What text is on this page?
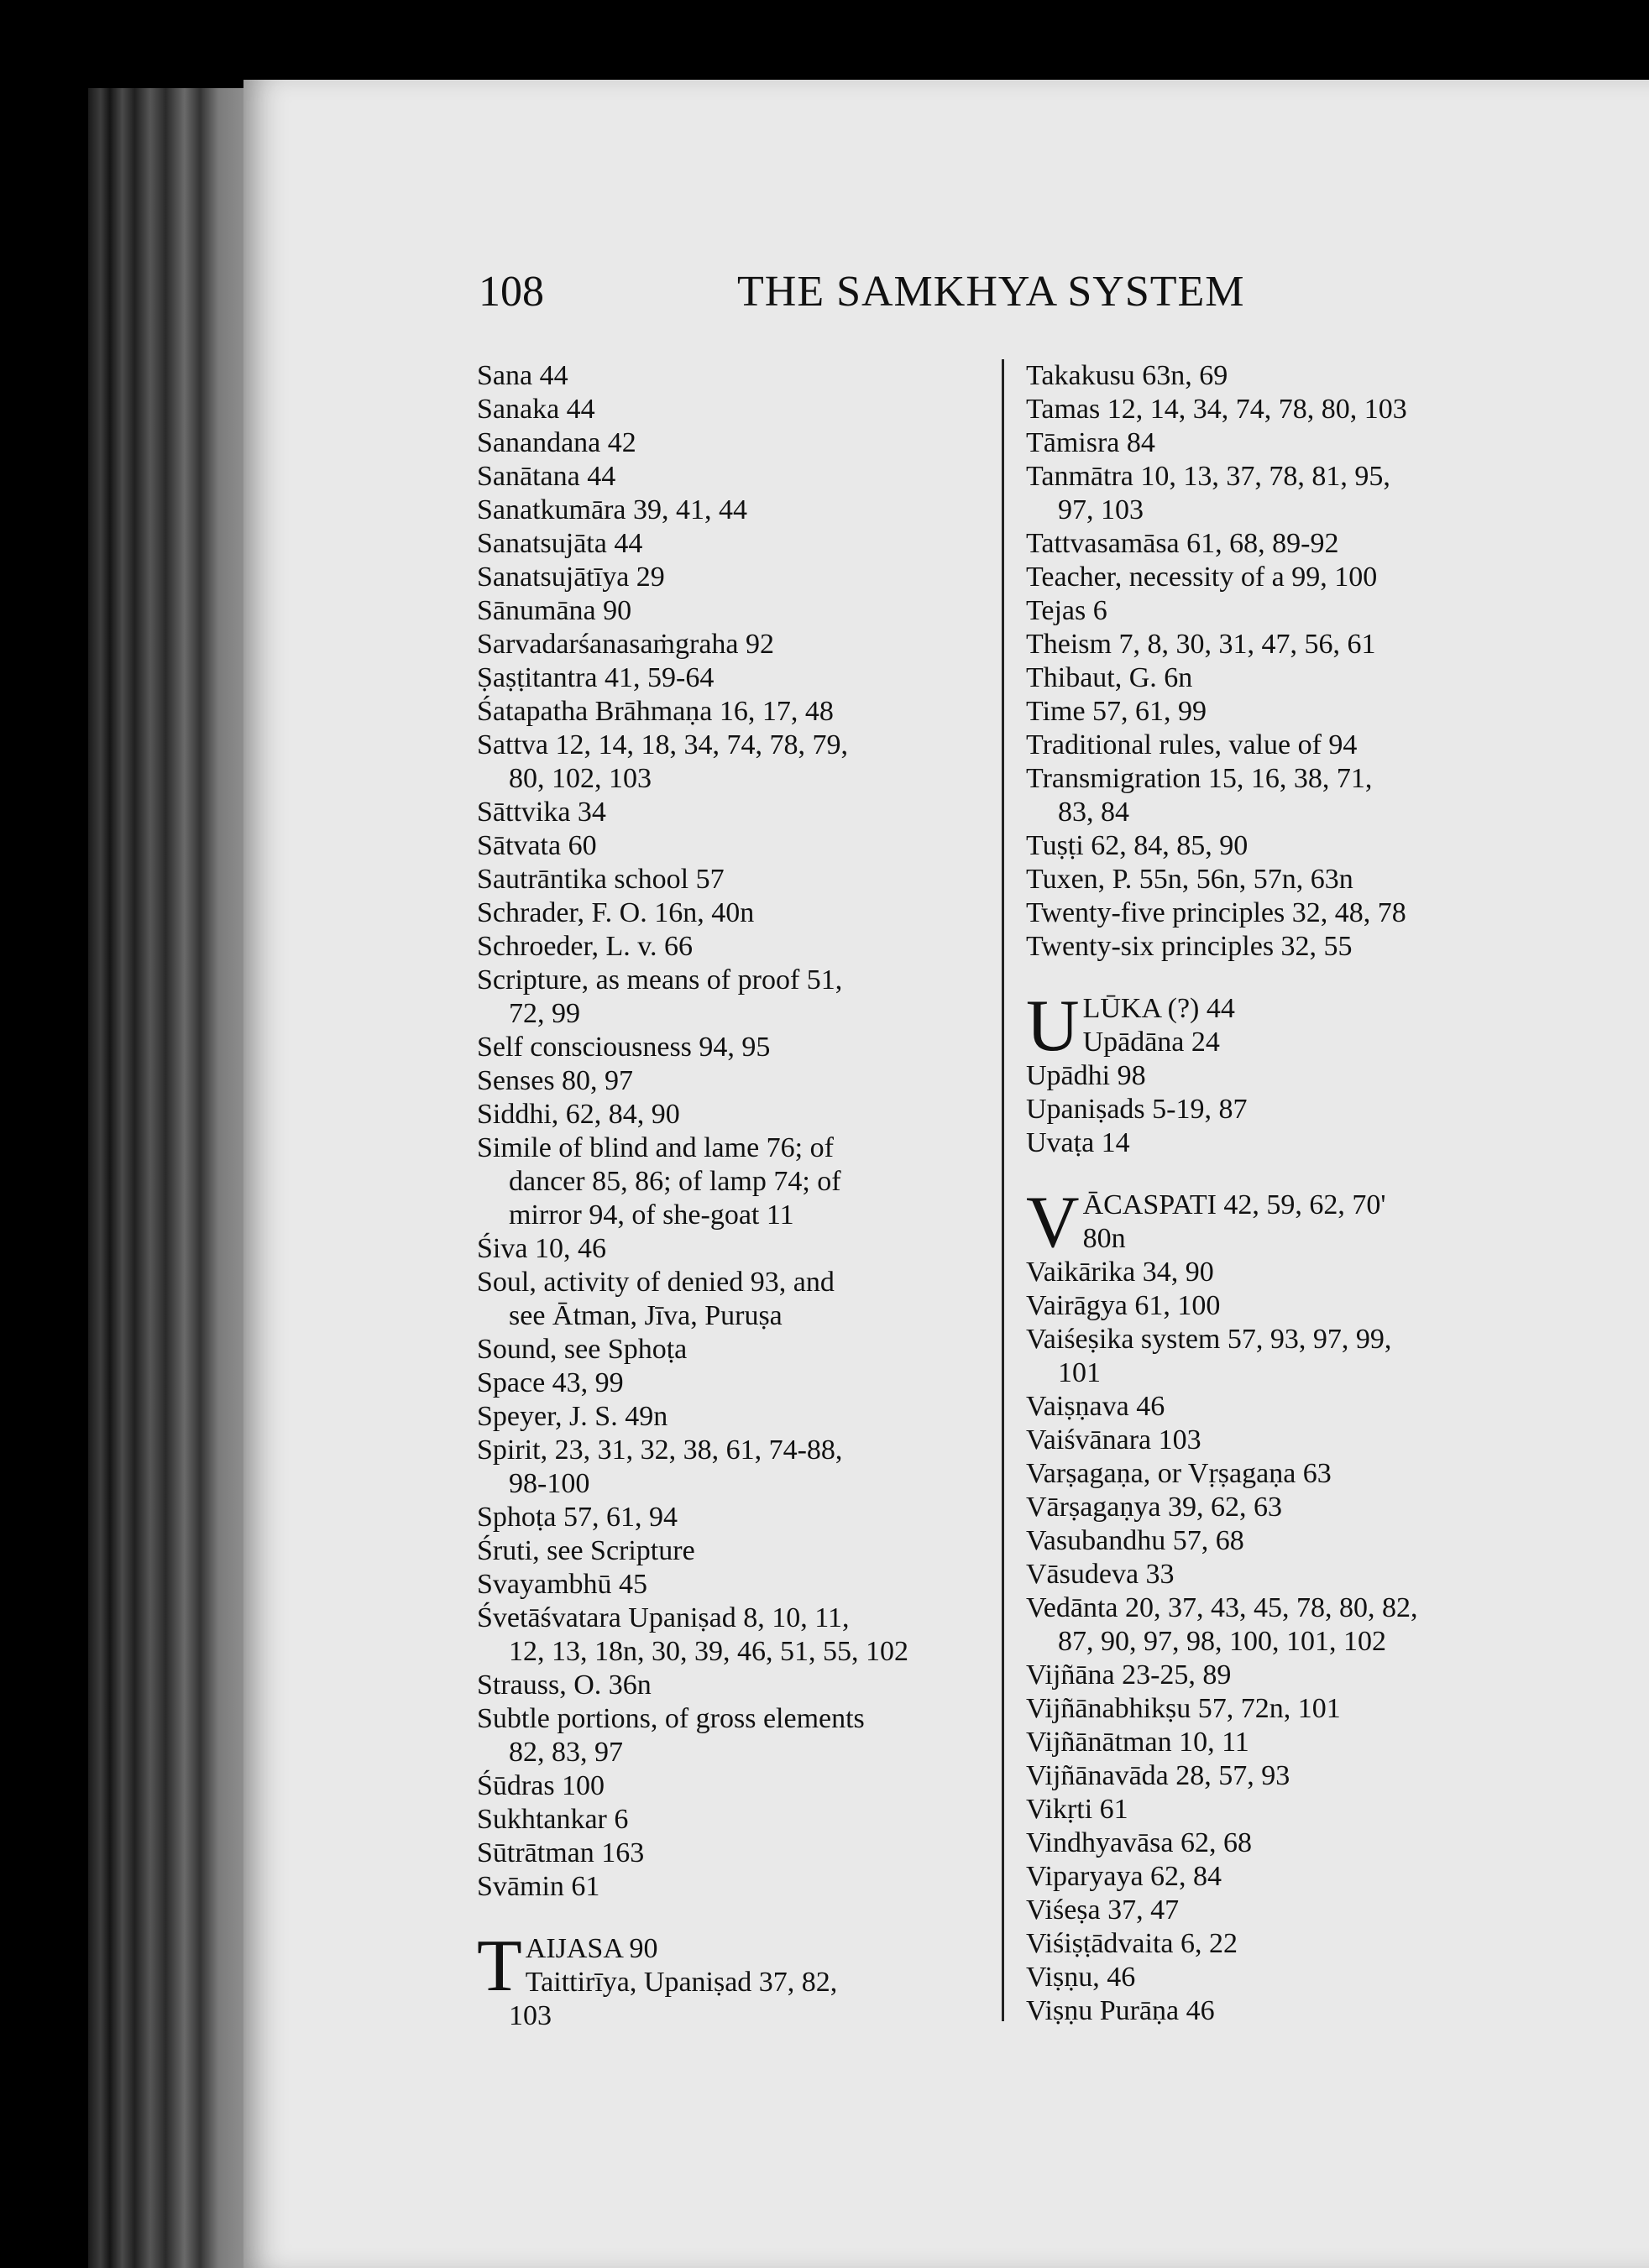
108	THE SAMKHYA SYSTEM
Sana 44
Sanaka 44
Sanandana 42
Sanātana 44
Sanatkumāra 39, 41, 44
Sanatsujāta 44
Sanatsujātīya 29
Sānumāna 90
Sarvadarśanasaṁgraha 92
Ṣaṣṭitantra 41, 59-64
Śatapatha Brāhmaṇa 16, 17, 48
Sattva 12, 14, 18, 34, 74, 78, 79,
80, 102, 103
Sāttvika 34
Sātvata 60
Sautrāntika school 57
Schrader, F. O. 16n, 40n
Schroeder, L. v. 66
Scripture, as means of proof 51,
72, 99
Self consciousness 94, 95
Senses 80, 97
Siddhi, 62, 84, 90
Simile of blind and lame 76; of
dancer 85, 86; of lamp 74; of
mirror 94, of she-goat 11
Śiva 10, 46
Soul, activity of denied 93, and
see Ātman, Jīva, Puruṣa
Sound, see Sphoṭa
Space 43, 99
Speyer, J. S. 49n
Spirit, 23, 31, 32, 38, 61, 74-88,
98-100
Sphoṭa 57, 61, 94
Śruti, see Scripture
Svayambhū 45
Śvetāśvatara Upaniṣad 8, 10, 11,
12, 13, 18n, 30, 39, 46, 51, 55, 102
Strauss, O. 36n
Subtle portions, of gross elements
82, 83, 97
Śūdras 100
Sukhtankar 6
Sūtrātman 163
Svāmin 61
T AIJASA 90
Taittirīya, Upaniṣad 37, 82,
103
Takakusu 63n, 69
Tamas 12, 14, 34, 74, 78, 80, 103
Tāmisra 84
Tanmātra 10, 13, 37, 78, 81, 95,
97, 103
Tattvasamāsa 61, 68, 89-92
Teacher, necessity of a 99, 100
Tejas 6
Theism 7, 8, 30, 31, 47, 56, 61
Thibaut, G. 6n
Time 57, 61, 99
Traditional rules, value of 94
Transmigration 15, 16, 38, 71,
83, 84
Tuṣṭi 62, 84, 85, 90
Tuxen, P. 55n, 56n, 57n, 63n
Twenty-five principles 32, 48, 78
Twenty-six principles 32, 55
U LŪKA (?) 44
Upādāna 24
Upādhi 98
Upaniṣads 5-19, 87
Uvaṭa 14
V ĀCASPATI 42, 59, 62, 70'
80n
Vaikārika 34, 90
Vairāgya 61, 100
Vaiśeṣika system 57, 93, 97, 99,
101
Vaiṣṇava 46
Vaiśvānara 103
Varṣagaṇa, or Vṛṣagaṇa 63
Vārṣagaṇya 39, 62, 63
Vasubandhu 57, 68
Vāsudeva 33
Vedānta 20, 37, 43, 45, 78, 80, 82,
87, 90, 97, 98, 100, 101, 102
Vijñāna 23-25, 89
Vijñānabhikṣu 57, 72n, 101
Vijñānātman 10, 11
Vijñānavāda 28, 57, 93
Vikṛti 61
Vindhyavāsa 62, 68
Viparyaya 62, 84
Viśeṣa 37, 47
Viśiṣṭādvaita 6, 22
Viṣṇu, 46
Viṣṇu Purāṇa 46
